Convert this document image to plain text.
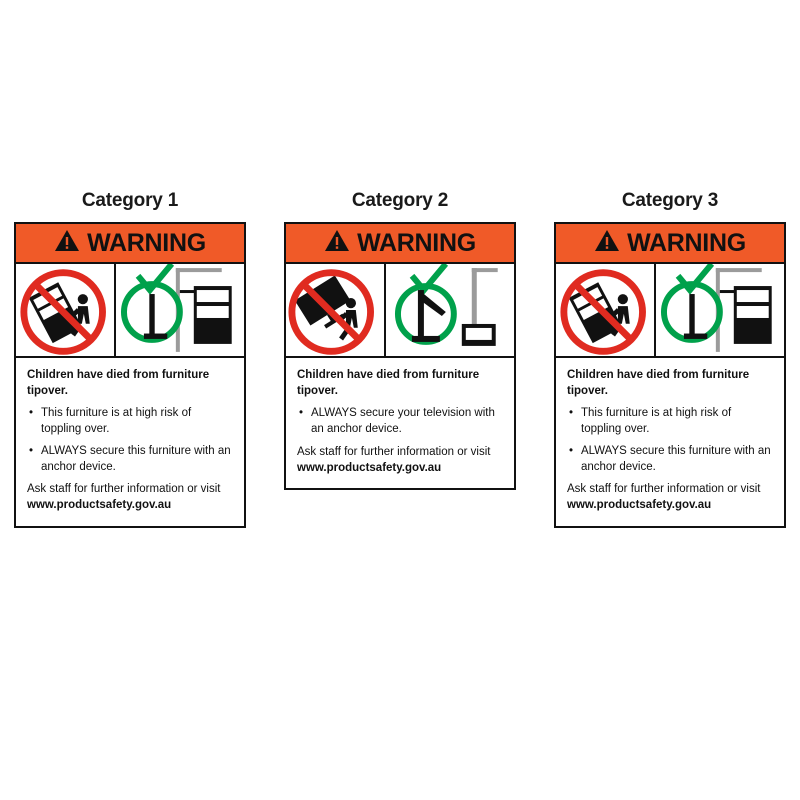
Category 1
WARNING
Children have died from furniture tipover.
• This furniture is at high risk of toppling over.
• ALWAYS secure this furniture with an anchor device.
Ask staff for further information or visit
www.productsafety.gov.au
Category 2
WARNING
Children have died from furniture tipover.
• ALWAYS secure your television with an anchor device.
Ask staff for further information or visit
www.productsafety.gov.au
Category 3
WARNING
Children have died from furniture tipover.
• This furniture is at high risk of toppling over.
• ALWAYS secure this furniture with an anchor device.
Ask staff for further information or visit
www.productsafety.gov.au
